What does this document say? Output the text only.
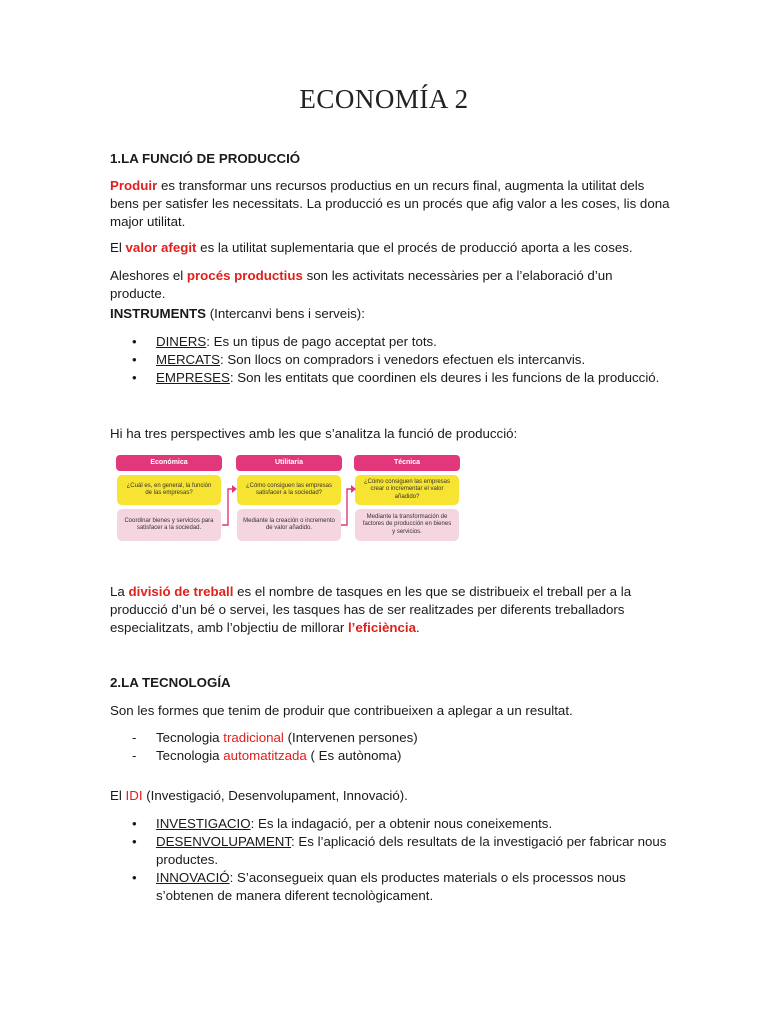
ECONOMÍA 2
1.LA FUNCIÓ DE PRODUCCIÓ
Produir es transformar uns recursos productius en un recurs final, augmenta la utilitat dels bens per satisfer les necessitats. La producció es un procés que afig valor a les coses, lis dona major utilitat.
El valor afegit es la utilitat suplementaria que el procés de producció aporta a les coses.
Aleshores el procés productius son les activitats necessàries per a l’elaboració d’un producte.
INSTRUMENTS (Intercanvi bens i serveis):
• DINERS: Es un tipus de pago acceptat per tots.
• MERCATS: Son llocs on compradors i venedors efectuen els intercanvis.
• EMPRESES: Son les entitats que coordinen els deures i les funcions de la producció.
Hi ha tres perspectives amb les que s’analitza la funció de producció:
Económica
¿Cuál es, en general, la función de las empresas?
Coordinar bienes y servicios para satisfacer a la sociedad.
Utilitaria
¿Cómo consiguen las empresas satisfacer a la sociedad?
Mediante la creación o incremento de valor añadido.
Técnica
¿Cómo consiguen las empresas crear o incrementar el valor añadido?
Mediante la transformación de factores de producción en bienes y servicios.
La divisió de treball es el nombre de tasques en les que se distribueix el treball per a la producció d’un bé o servei, les tasques has de ser realitzades per diferents treballadors especialitzats, amb l’objectiu de millorar l’eficiència.
2.LA TECNOLOGÍA
Son les formes que tenim de produir que contribueixen a aplegar a un resultat.
- Tecnologia tradicional (Intervenen persones)
- Tecnologia automatitzada ( Es autònoma)
El IDI (Investigació, Desenvolupament, Innovació).
• INVESTIGACIO: Es la indagació, per a obtenir nous coneixements.
• DESENVOLUPAMENT: Es l’aplicació dels resultats de la investigació per fabricar nous productes.
• INNOVACIÓ: S’aconsegueix quan els productes materials o els processos nous s’obtenen de manera diferent tecnològicament.
